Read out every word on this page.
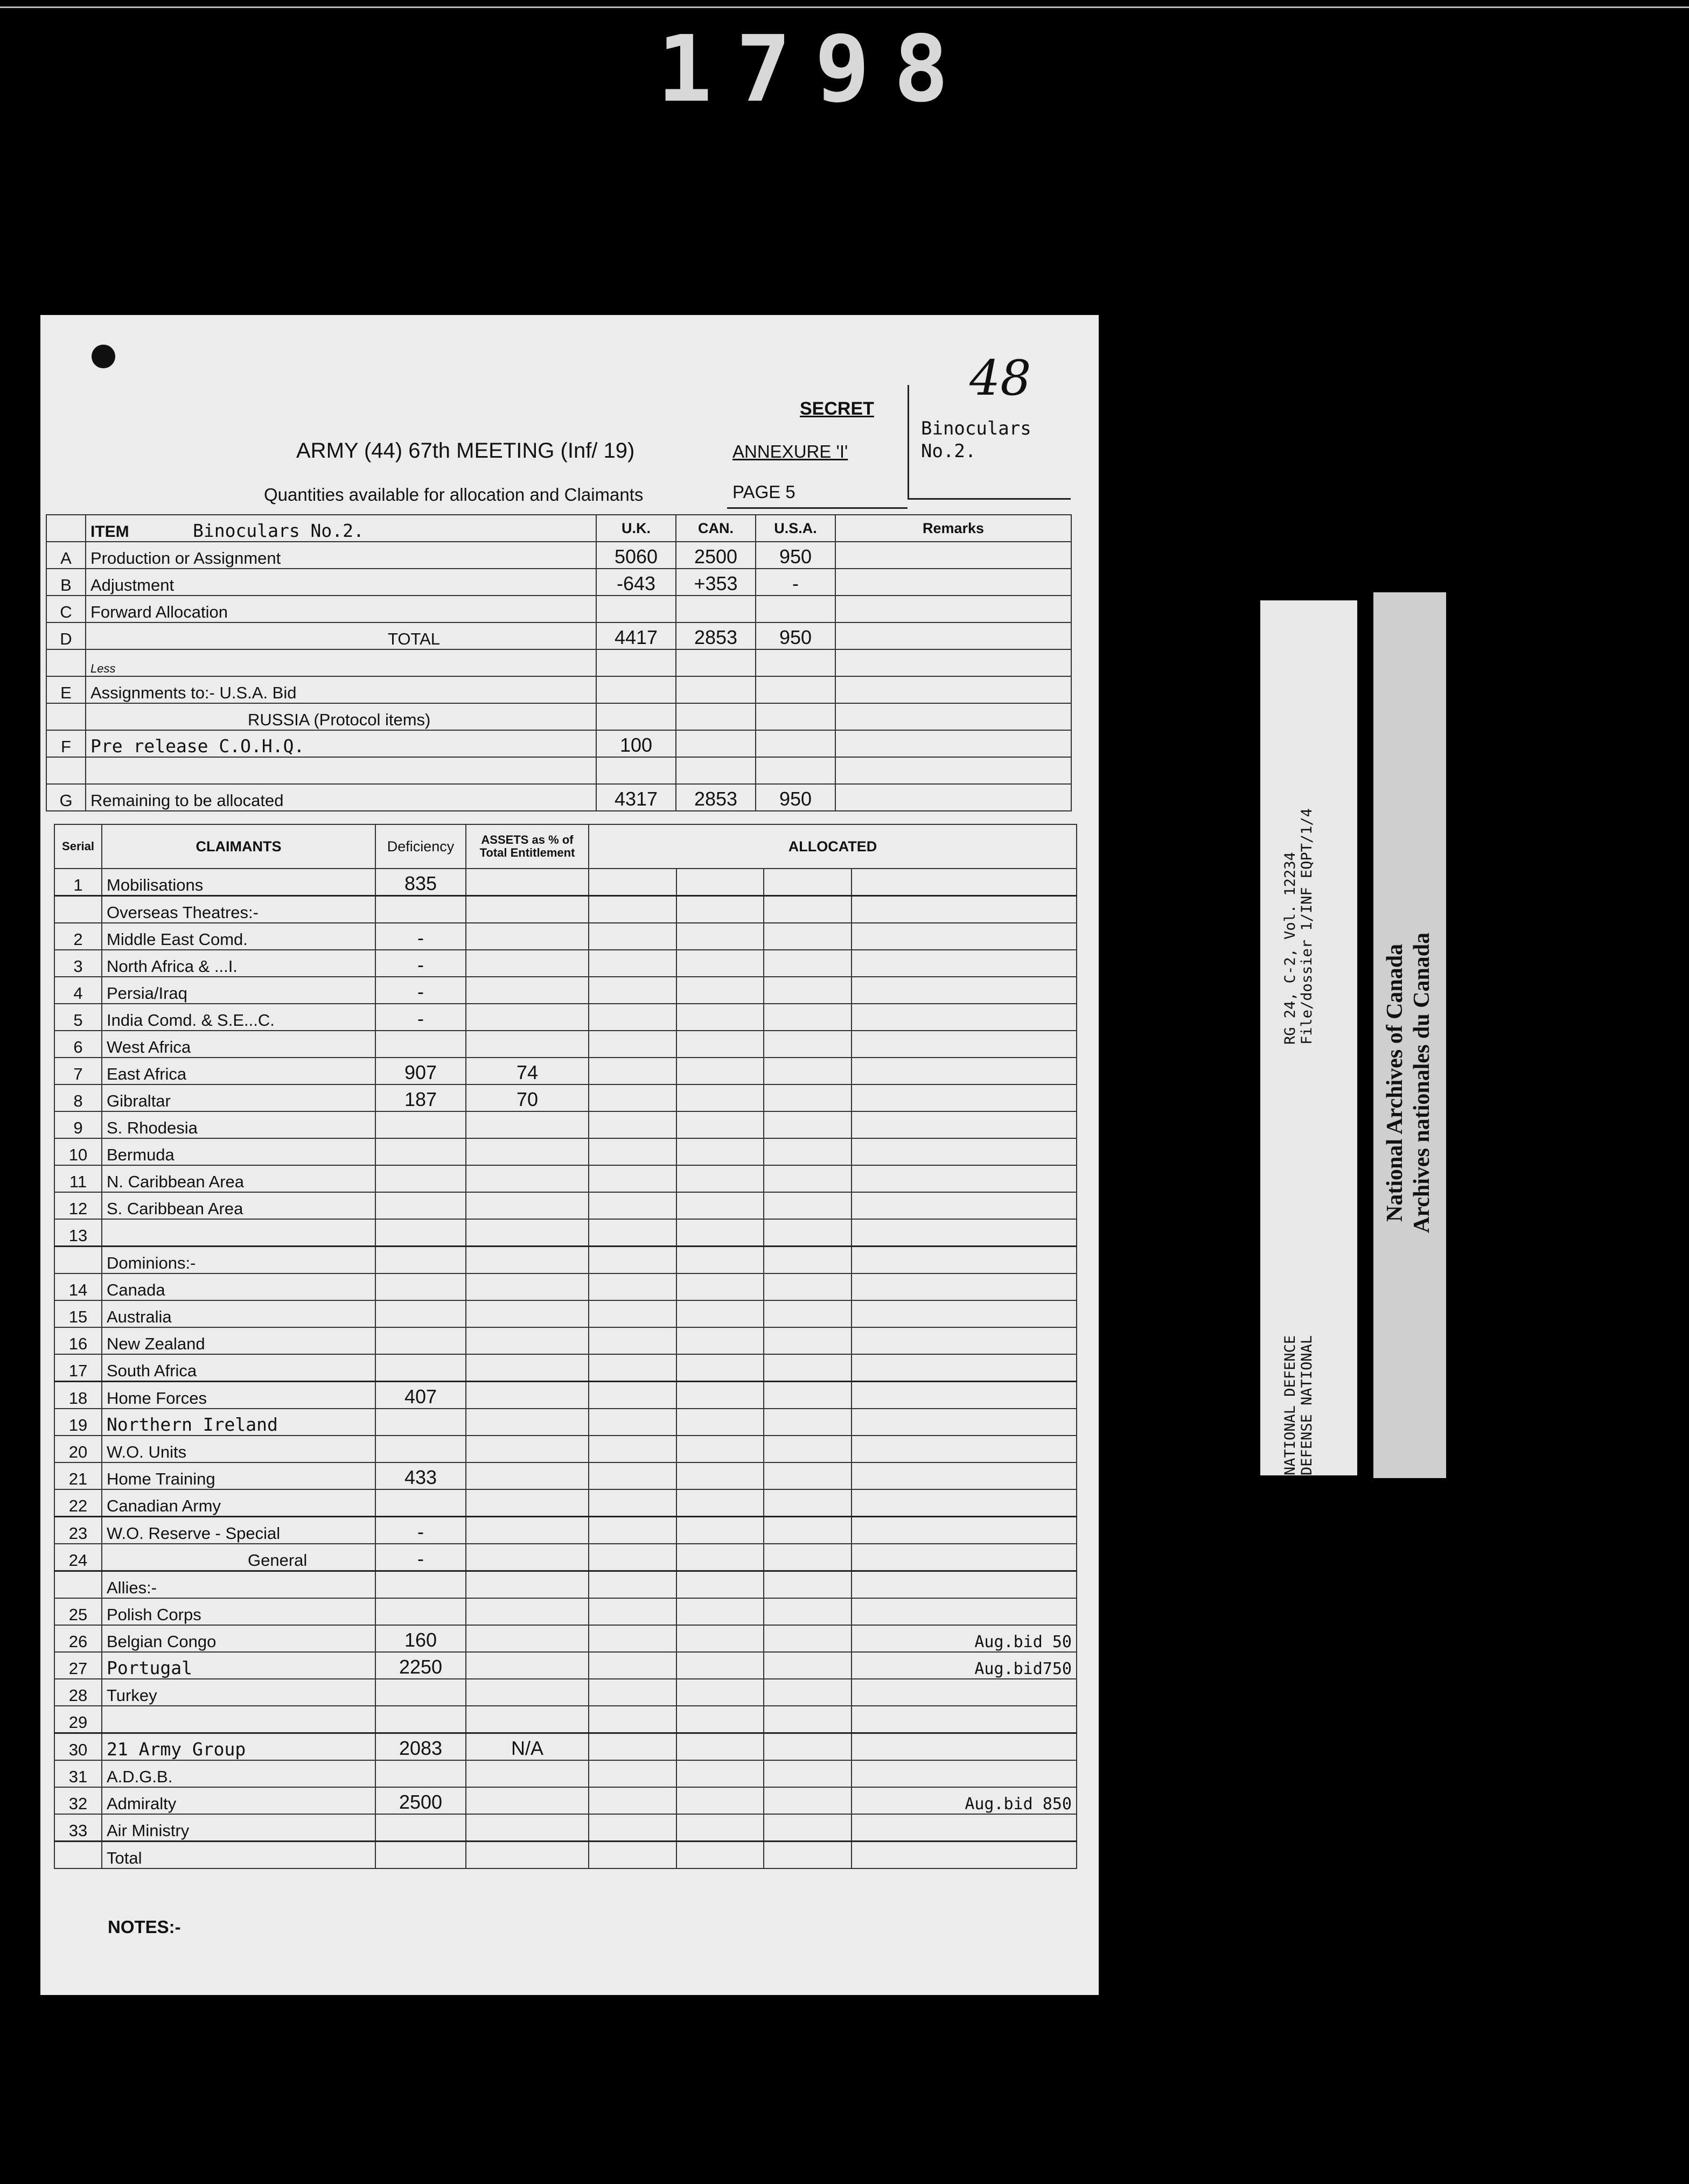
1798
48
SECRET
ARMY (44) 67th MEETING (Inf/ 19)
Quantities available for allocation and Claimants
ANNEXURE 'I'
PAGE 5
Binoculars
No.2.
	ITEM Binoculars No.2.	U.K.	CAN.	U.S.A.	Remarks
A	Production or Assignment	5060	2500	950	
B	Adjustment	-643	+353	-	
C	Forward Allocation				
D	TOTAL	4417	2853	950	
	Less				
E	Assignments to:- U.S.A. Bid				
	RUSSIA (Protocol items)				
F	Pre release C.O.H.Q.	100			

G	Remaining to be allocated	4317	2853	950	
Serial	CLAIMANTS	Deficiency	ASSETS as % of Total Entitlement	ALLOCATED			
1	Mobilisations	835					
	Overseas Theatres:-						
2	Middle East Comd.	-					
3	North Africa & ...I.	-					
4	Persia/Iraq	-					
5	India Comd. & S.E...C.	-					
6	West Africa						
7	East Africa	907	74				
8	Gibraltar	187	70				
9	S. Rhodesia						
10	Bermuda						
11	N. Caribbean Area						
12	S. Caribbean Area						
13							
	Dominions:-						
14	Canada						
15	Australia						
16	New Zealand						
17	South Africa						
18	Home Forces	407					
19	Northern Ireland						
20	W.O. Units						
21	Home Training	433					
22	Canadian Army						
23	W.O. Reserve - Special	-					
24	General	-					
	Allies:-						
25	Polish Corps						
26	Belgian Congo	160					Aug.bid 50
27	Portugal	2250					Aug.bid750
28	Turkey						
29							
30	21 Army Group	2083	N/A				
31	A.D.G.B.						
32	Admiralty	2500					Aug.bid 850
33	Air Ministry						
	Total						
NOTES:-
NATIONAL DEFENCE DEFENSE NATIONAL
RG 24, C-2, Vol. 12234 File/dossier 1/INF EQPT/1/4
National Archives of Canada Archives nationales du Canada
